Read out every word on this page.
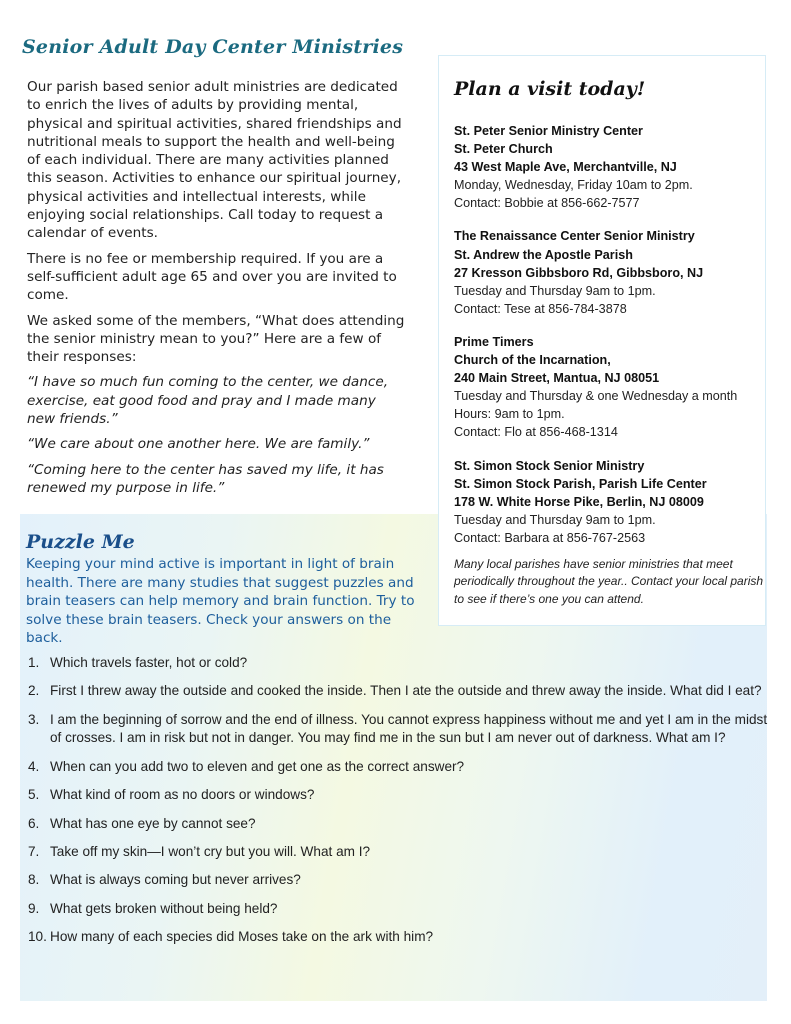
Senior Adult Day Center Ministries

Our parish based senior adult ministries are dedicated to enrich the lives of adults by providing mental, physical and spiritual activities, shared friendships and nutritional meals to support the health and well-being of each individual. There are many activities planned this season. Activities to enhance our spiritual journey, physical activities and intellectual interests, while enjoying social relationships. Call today to request a calendar of events.

There is no fee or membership required. If you are a self-sufficient adult age 65 and over you are invited to come.

We asked some of the members, “What does attending the senior ministry mean to you?” Here are a few of their responses:

“I have so much fun coming to the center, we dance, exercise, eat good food and pray and I made many new friends.”

“We care about one another here. We are family.”

“Coming here to the center has saved my life, it has renewed my purpose in life.”

Plan a visit today!
St. Peter Senior Ministry Center
St. Peter Church
43 West Maple Ave, Merchantville, NJ
Monday, Wednesday, Friday 10am to 2pm.
Contact: Bobbie at 856-662-7577
The Renaissance Center Senior Ministry
St. Andrew the Apostle Parish
27 Kresson Gibbsboro Rd, Gibbsboro, NJ
Tuesday and Thursday 9am to 1pm.
Contact: Tese at 856-784-3878
Prime Timers
Church of the Incarnation,
240 Main Street, Mantua, NJ 08051
Tuesday and Thursday & one Wednesday a month
Hours: 9am to 1pm.
Contact: Flo at 856-468-1314
St. Simon Stock Senior Ministry
St. Simon Stock Parish, Parish Life Center
178 W. White Horse Pike, Berlin, NJ 08009
Tuesday and Thursday 9am to 1pm.
Contact: Barbara at 856-767-2563
Many local parishes have senior ministries that meet periodically throughout the year.. Contact your local parish to see if there’s one you can attend.
Puzzle Me

Keeping your mind active is important in light of brain health. There are many studies that suggest puzzles and brain teasers can help memory and brain function. Try to solve these brain teasers. Check your answers on the back.

1. Which travels faster, hot or cold?
2. First I threw away the outside and cooked the inside. Then I ate the outside and threw away the inside. What did I eat?
3. I am the beginning of sorrow and the end of illness. You cannot express happiness without me and yet I am in the midst of crosses. I am in risk but not in danger. You may find me in the sun but I am never out of darkness. What am I?
4. When can you add two to eleven and get one as the correct answer?
5. What kind of room as no doors or windows?
6. What has one eye by cannot see?
7. Take off my skin—I won’t cry but you will. What am I?
8. What is always coming but never arrives?
9. What gets broken without being held?
10. How many of each species did Moses take on the ark with him?
